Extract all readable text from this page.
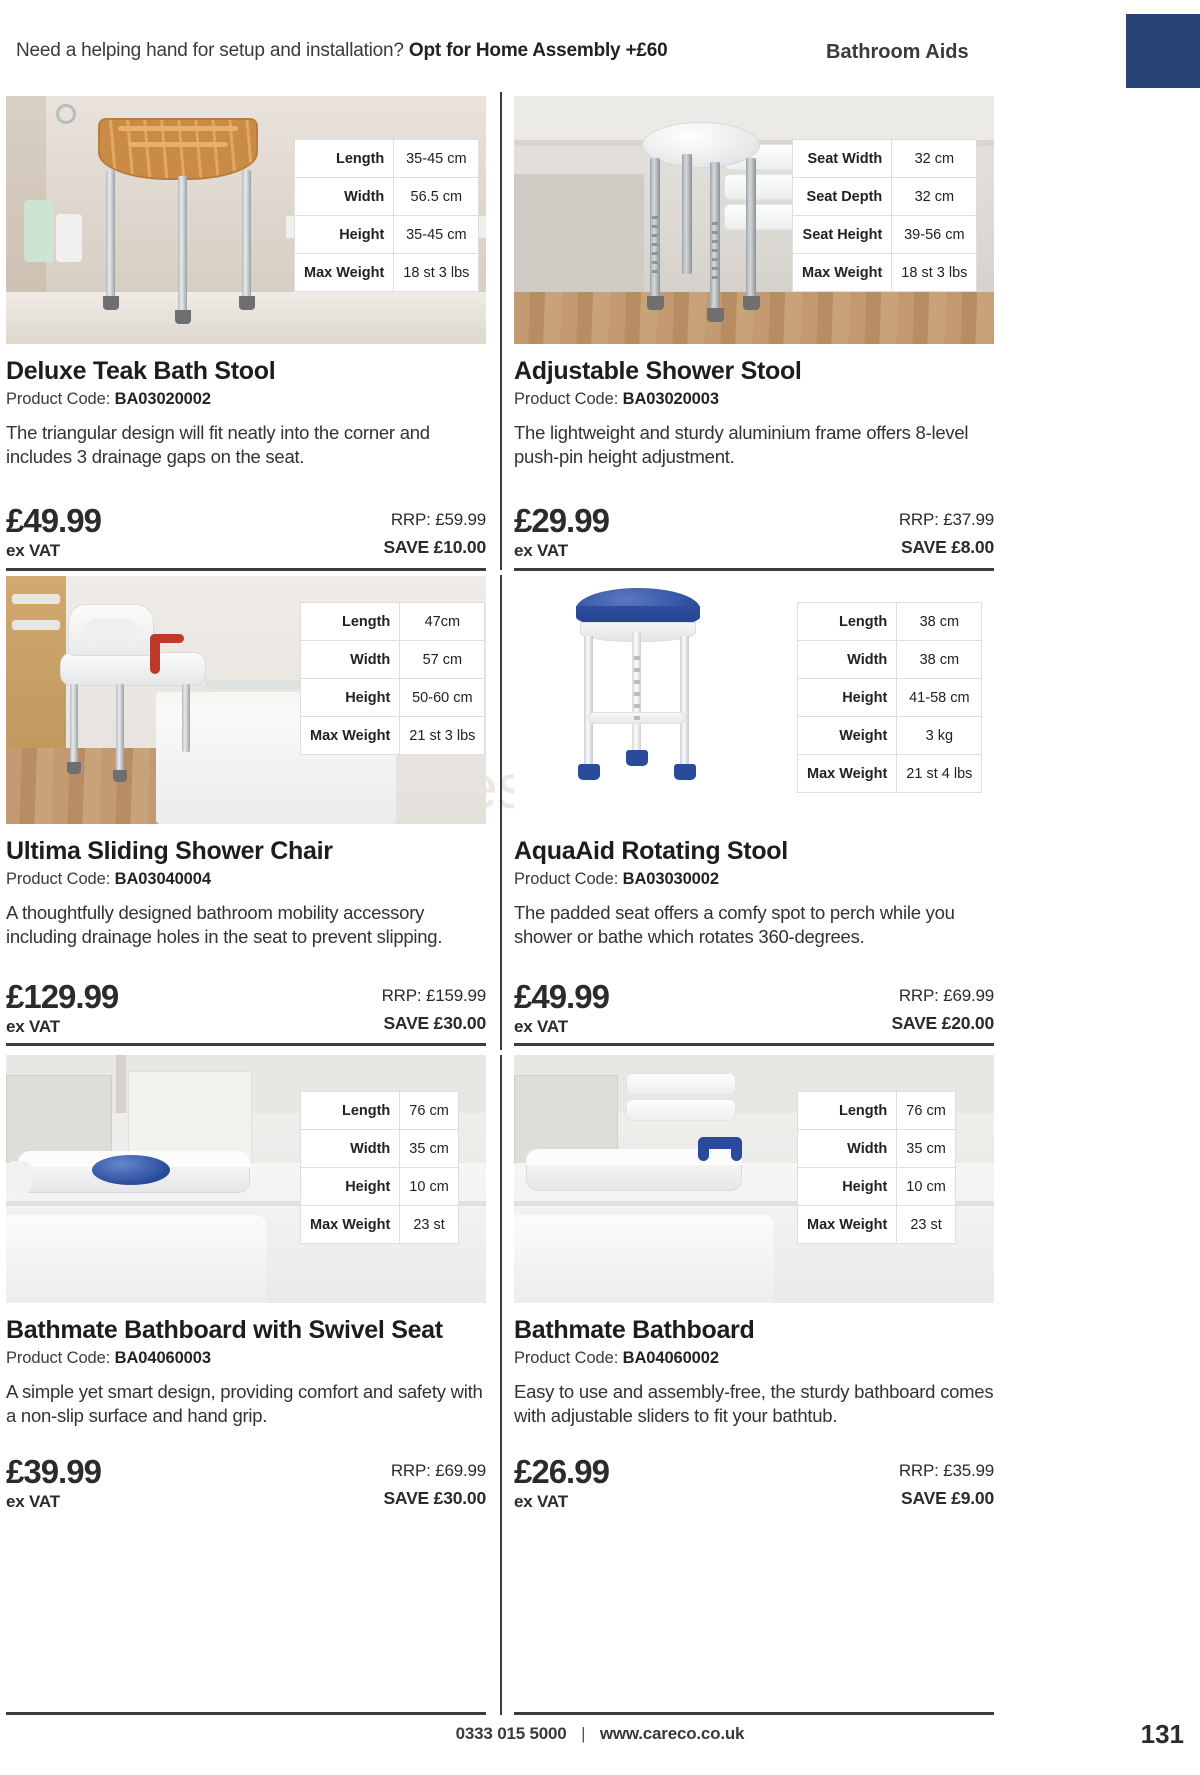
Need a helping hand for setup and installation? Opt for Home Assembly +£60	Bathroom Aids
Length	35-45 cm
Width	56.5 cm
Height	35-45 cm
Max Weight	18 st 3 lbs
Deluxe Teak Bath Stool
Product Code: BA03020002
The triangular design will fit neatly into the corner and includes 3 drainage gaps on the seat.
£49.99
ex VAT
RRP: £59.99
SAVE £10.00
Seat Width	32 cm
Seat Depth	32 cm
Seat Height	39-56 cm
Max Weight	18 st 3 lbs
Adjustable Shower Stool
Product Code: BA03020003
The lightweight and sturdy aluminium frame offers 8-level push-pin height adjustment.
£29.99
ex VAT
RRP: £37.99
SAVE £8.00
Length	47cm
Width	57 cm
Height	50-60 cm
Max Weight	21 st 3 lbs
Ultima Sliding Shower Chair
Product Code: BA03040004
A thoughtfully designed bathroom mobility accessory including drainage holes in the seat to prevent slipping.
£129.99
ex VAT
RRP: £159.99
SAVE £30.00
Length	38 cm
Width	38 cm
Height	41-58 cm
Weight	3 kg
Max Weight	21 st 4 lbs
AquaAid Rotating Stool
Product Code: BA03030002
The padded seat offers a comfy spot to perch while you shower or bathe which rotates 360-degrees.
£49.99
ex VAT
RRP: £69.99
SAVE £20.00
Length	76 cm
Width	35 cm
Height	10 cm
Max Weight	23 st
Bathmate Bathboard with Swivel Seat
Product Code: BA04060003
A simple yet smart design, providing comfort and safety with a non-slip surface and hand grip.
£39.99
ex VAT
RRP: £69.99
SAVE £30.00
Length	76 cm
Width	35 cm
Height	10 cm
Max Weight	23 st
Bathmate Bathboard
Product Code: BA04060002
Easy to use and assembly-free, the sturdy bathboard comes with adjustable sliders to fit your bathtub.
£26.99
ex VAT
RRP: £35.99
SAVE £9.00
0333 015 5000 | www.careco.co.uk	131
